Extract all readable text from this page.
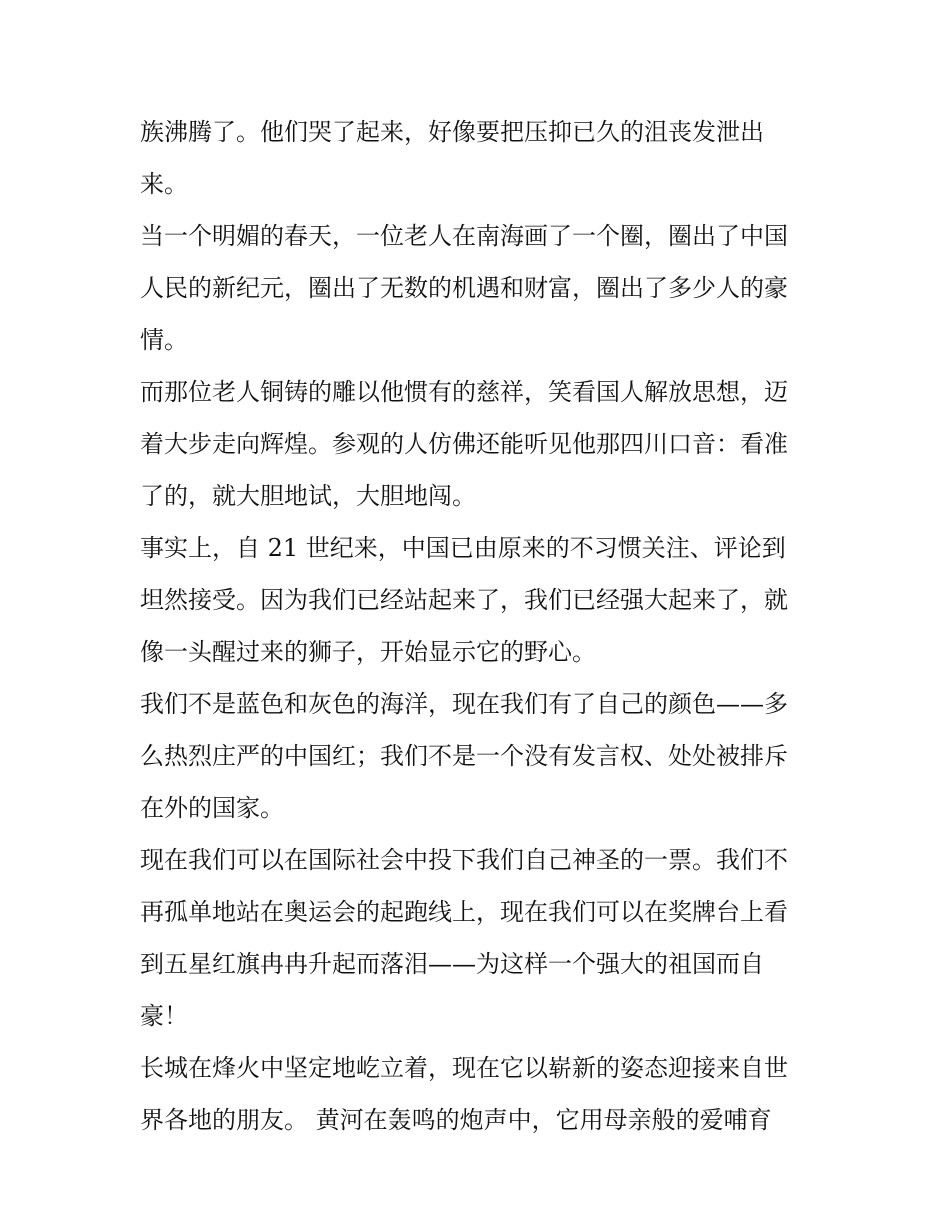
族沸腾了。他们哭了起来，好像要把压抑已久的沮丧发泄出
来。
当一个明媚的春天，一位老人在南海画了一个圈，圈出了中国
人民的新纪元，圈出了无数的机遇和财富，圈出了多少人的豪
情。
而那位老人铜铸的雕以他惯有的慈祥，笑看国人解放思想，迈
着大步走向辉煌。参观的人仿佛还能听见他那四川口音：看准
了的，就大胆地试，大胆地闯。
事实上，自 21 世纪来，中国已由原来的不习惯关注、评论到
坦然接受。因为我们已经站起来了，我们已经强大起来了，就
像一头醒过来的狮子，开始显示它的野心。
我们不是蓝色和灰色的海洋，现在我们有了自己的颜色——多
么热烈庄严的中国红；我们不是一个没有发言权、处处被排斥
在外的国家。
现在我们可以在国际社会中投下我们自己神圣的一票。我们不
再孤单地站在奥运会的起跑线上，现在我们可以在奖牌台上看
到五星红旗冉冉升起而落泪——为这样一个强大的祖国而自
豪！
长城在烽火中坚定地屹立着，现在它以崭新的姿态迎接来自世
界各地的朋友。 黄河在轰鸣的炮声中，它用母亲般的爱哺育
